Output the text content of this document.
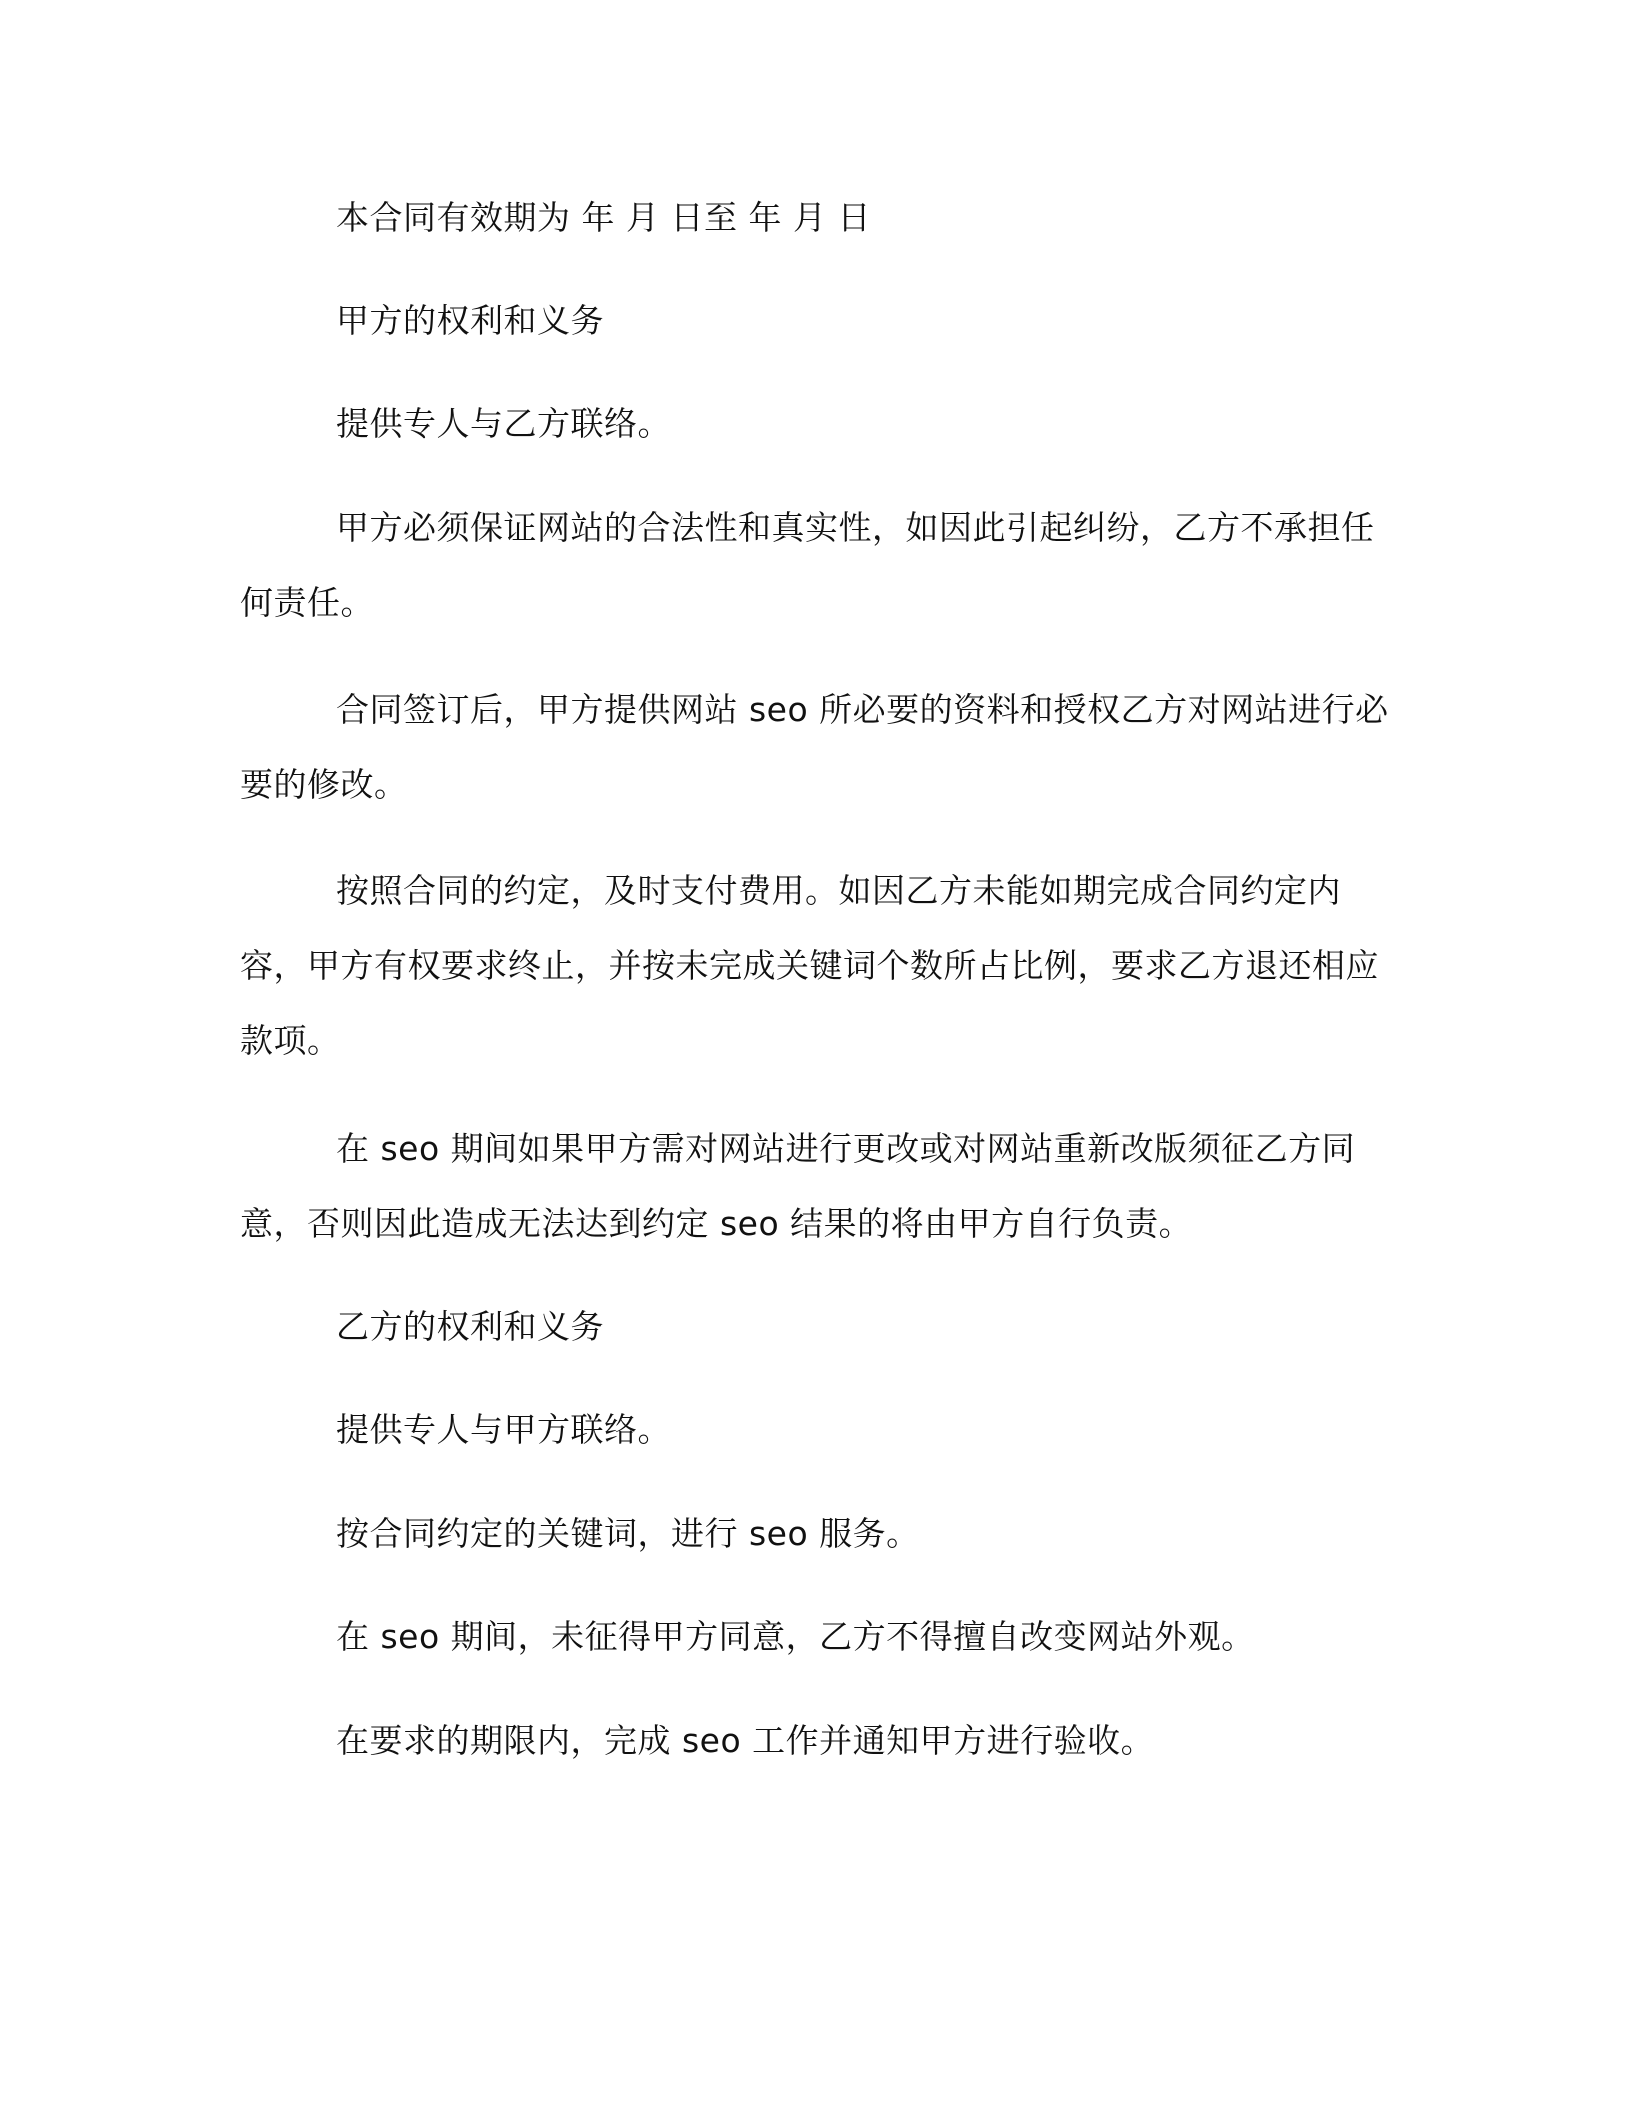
本合同有效期为 年 月 日至 年 月 日

甲方的权利和义务

提供专人与乙方联络。

甲方必须保证网站的合法性和真实性，如因此引起纠纷，乙方不承担任何责任。

合同签订后，甲方提供网站 seo 所必要的资料和授权乙方对网站进行必要的修改。

按照合同的约定，及时支付费用。如因乙方未能如期完成合同约定内容，甲方有权要求终止，并按未完成关键词个数所占比例，要求乙方退还相应款项。

在 seo 期间如果甲方需对网站进行更改或对网站重新改版须征乙方同意，否则因此造成无法达到约定 seo 结果的将由甲方自行负责。

乙方的权利和义务

提供专人与甲方联络。

按合同约定的关键词，进行 seo 服务。

在 seo 期间，未征得甲方同意，乙方不得擅自改变网站外观。

在要求的期限内，完成 seo 工作并通知甲方进行验收。
